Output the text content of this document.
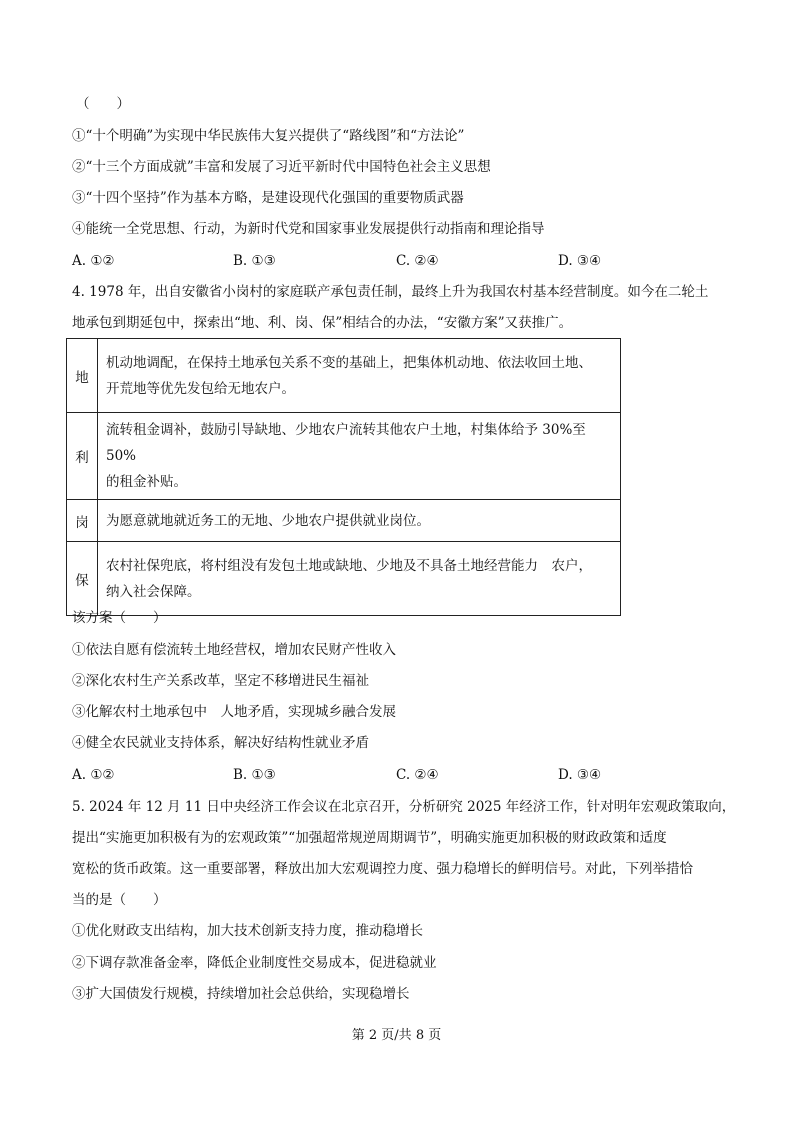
（　　）
①“十个明确”为实现中华民族伟大复兴提供了“路线图”和“方法论”
②“十三个方面成就”丰富和发展了习近平新时代中国特色社会主义思想
③“十四个坚持”作为基本方略，是建设现代化强国的重要物质武器
④能统一全党思想、行动，为新时代党和国家事业发展提供行动指南和理论指导
A. ①②	B. ①③	C. ②④	D. ③④
4. 1978 年，出自安徽省小岗村的家庭联产承包责任制，最终上升为我国农村基本经营制度。如今在二轮土
地承包到期延包中，探索出“地、利、岗、保”相结合的办法，“安徽方案”又获推广。
地	机动地调配，在保持土地承包关系不变的基础上，把集体机动地、依法收回土地、
开荒地等优先发包给无地农户。

利	流转租金调补，鼓励引导缺地、少地农户流转其他农户土地，村集体给予 30%至 50%
的租金补贴。

岗	为愿意就地就近务工的无地、少地农户提供就业岗位。

保	农村社保兜底，将村组没有发包土地或缺地、少地及不具备土地经营能力　农户，
纳入社会保障。
该方案（　　）
①依法自愿有偿流转土地经营权，增加农民财产性收入
②深化农村生产关系改革，坚定不移增进民生福祉
③化解农村土地承包中　人地矛盾，实现城乡融合发展
④健全农民就业支持体系，解决好结构性就业矛盾
A. ①②	B. ①③	C. ②④	D. ③④
5. 2024 年 12 月 11 日中央经济工作会议在北京召开，分析研究 2025 年经济工作，针对明年宏观政策取向，
提出“实施更加积极有为的宏观政策”“加强超常规逆周期调节”，明确实施更加积极的财政政策和适度
宽松的货币政策。这一重要部署，释放出加大宏观调控力度、强力稳增长的鲜明信号。对此，下列举措恰
当的是（　　）
①优化财政支出结构，加大技术创新支持力度，推动稳增长
②下调存款准备金率，降低企业制度性交易成本，促进稳就业
③扩大国债发行规模，持续增加社会总供给，实现稳增长
第 2 页/共 8 页
